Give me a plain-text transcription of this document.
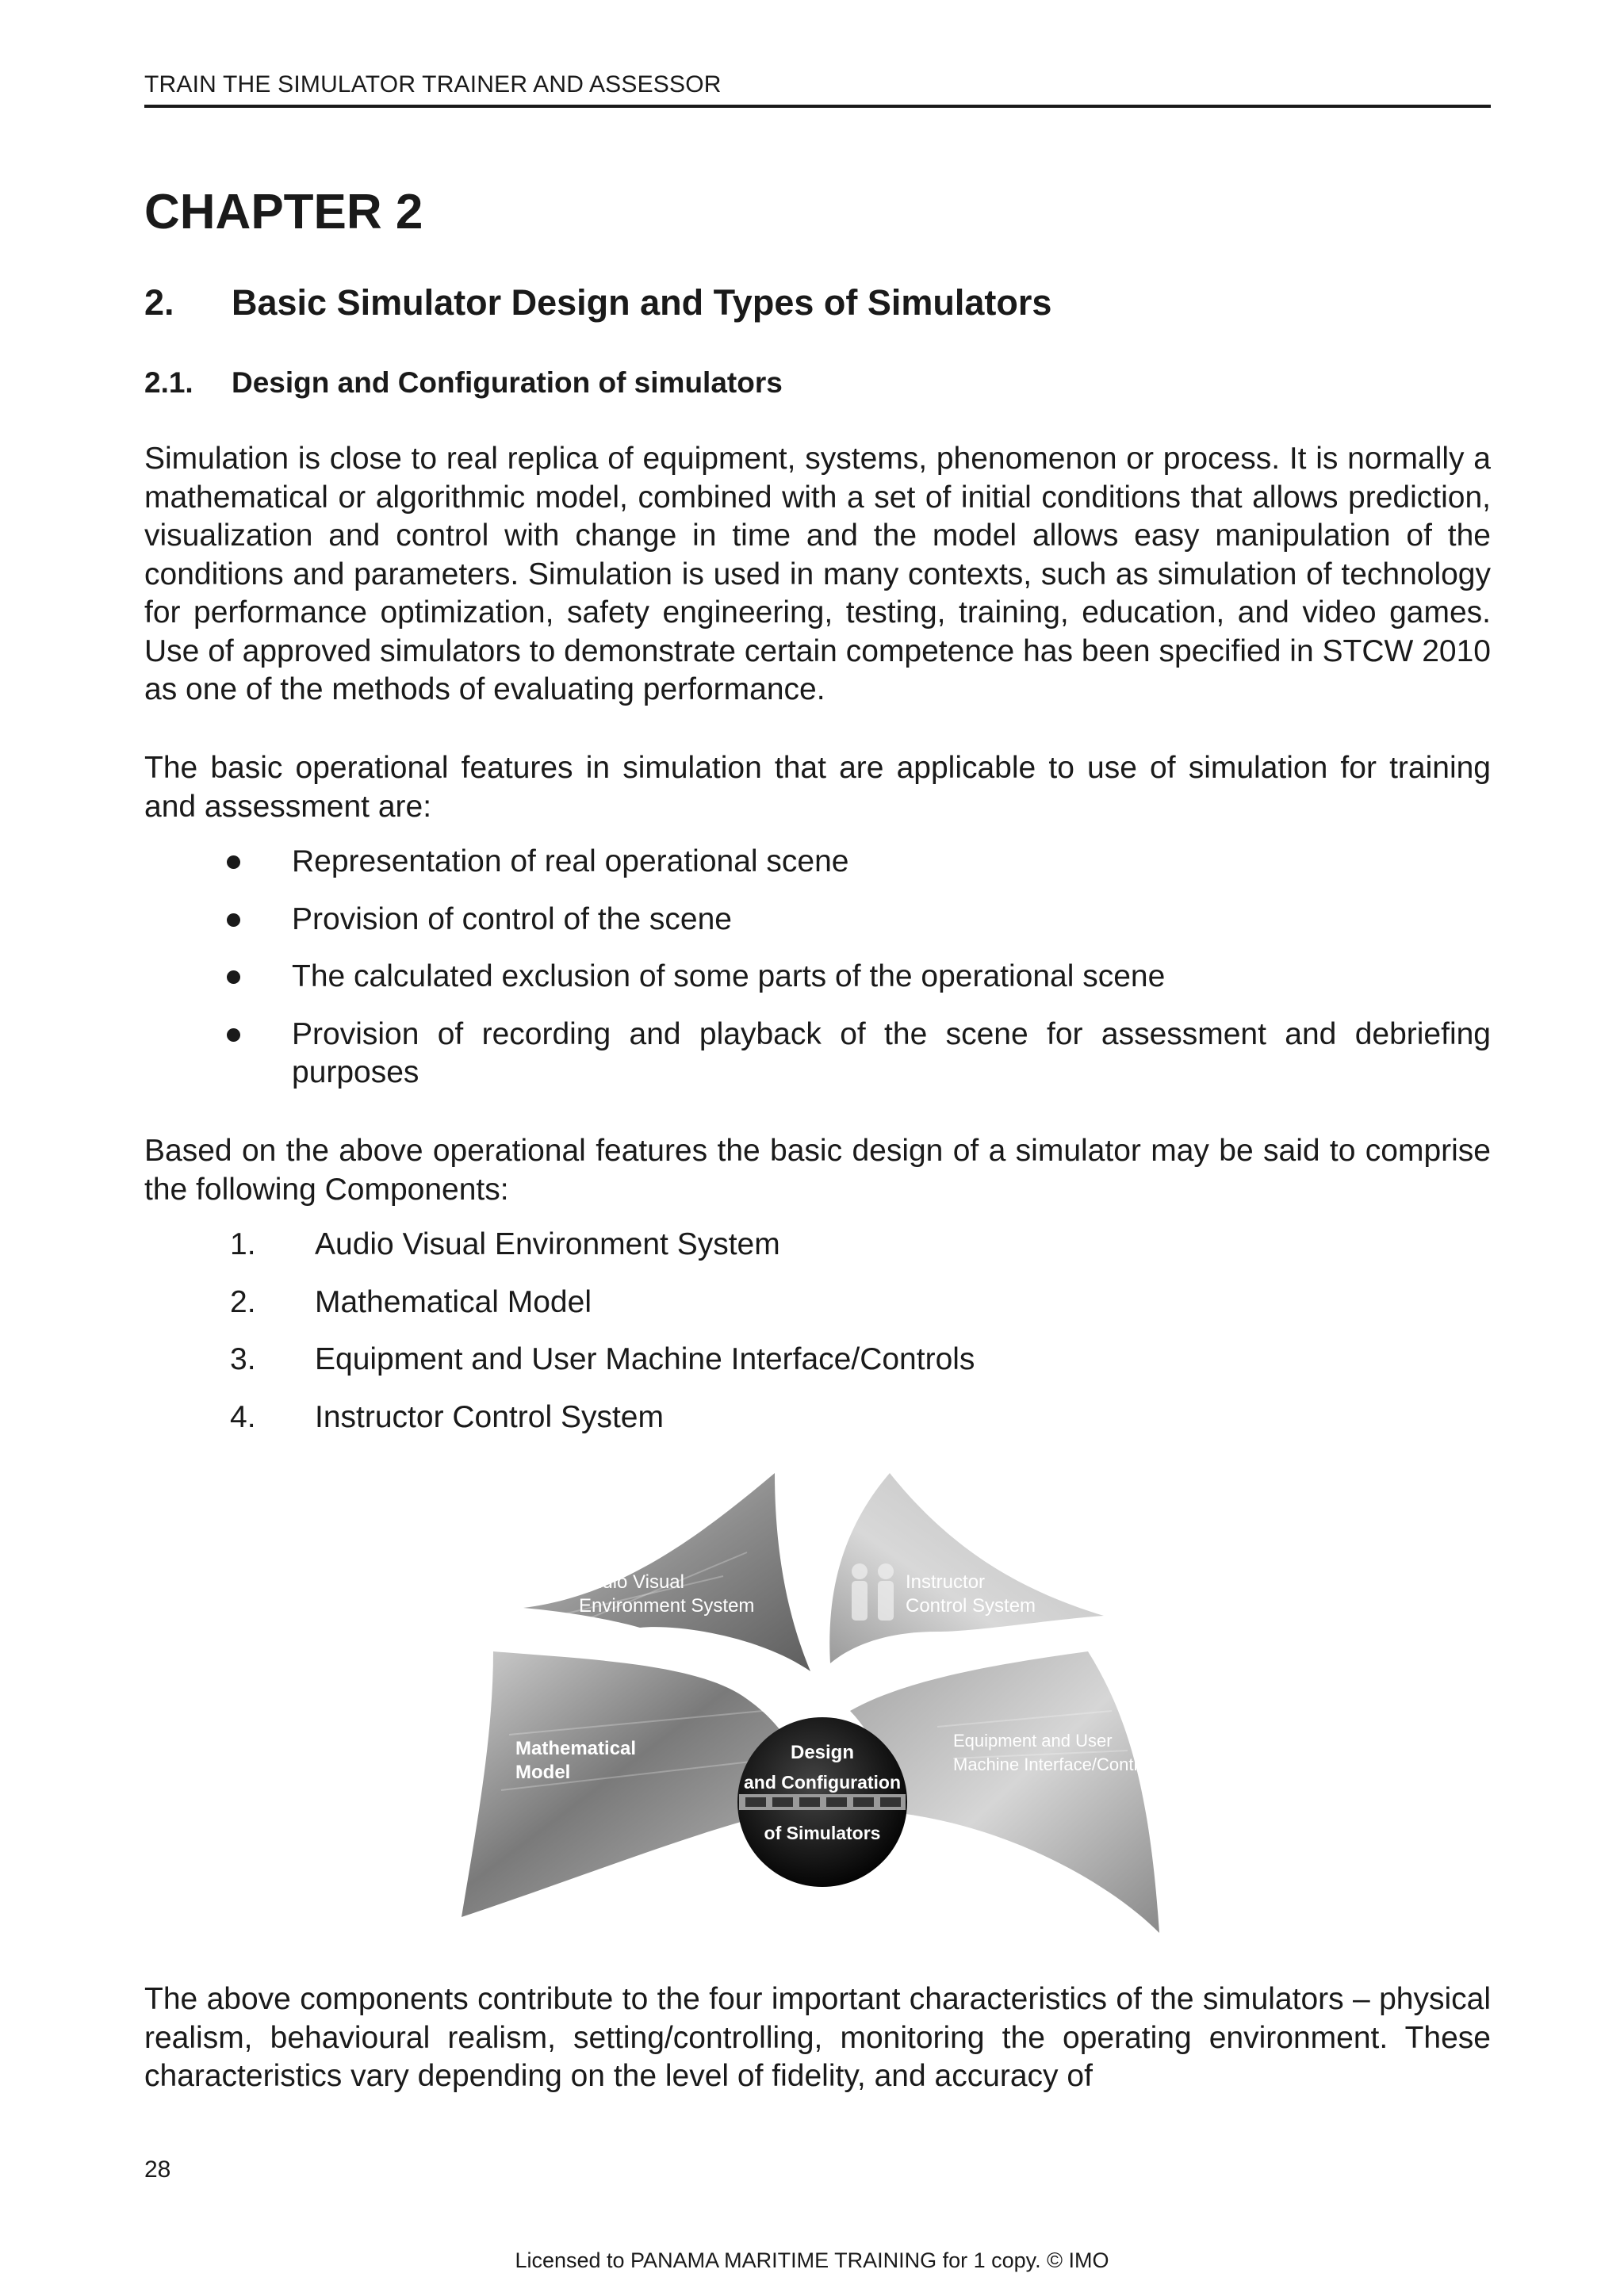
TRAIN THE SIMULATOR TRAINER AND ASSESSOR
CHAPTER 2
2. Basic Simulator Design and Types of Simulators
2.1. Design and Configuration of simulators

Simulation is close to real replica of equipment, systems, phenomenon or process. It is normally a mathematical or algorithmic model, combined with a set of initial conditions that allows prediction, visualization and control with change in time and the model allows easy manipulation of the conditions and parameters. Simulation is used in many contexts, such as simulation of technology for performance optimization, safety engineering, testing, training, education, and video games. Use of approved simulators to demonstrate certain competence has been specified in STCW 2010 as one of the methods of evaluating performance.

The basic operational features in simulation that are applicable to use of simulation for training and assessment are:

Representation of real operational scene
Provision of control of the scene
The calculated exclusion of some parts of the operational scene
Provision of recording and playback of the scene for assessment and debriefing purposes

Based on the above operational features the basic design of a simulator may be said to comprise the following Components:

1. Audio Visual Environment System
2. Mathematical Model
3. Equipment and User Machine Interface/Controls
4. Instructor Control System
Audio Visual
Environment System
Instructor
Control System
Mathematical
Model
Equipment and User
Machine Interface/Controls
Design
and Configuration
of Simulators

The above components contribute to the four important characteristics of the simulators – physical realism, behavioural realism, setting/controlling, monitoring the operating environment. These characteristics vary depending on the level of fidelity, and accuracy of

28
Licensed to PANAMA MARITIME TRAINING for 1 copy. © IMO
